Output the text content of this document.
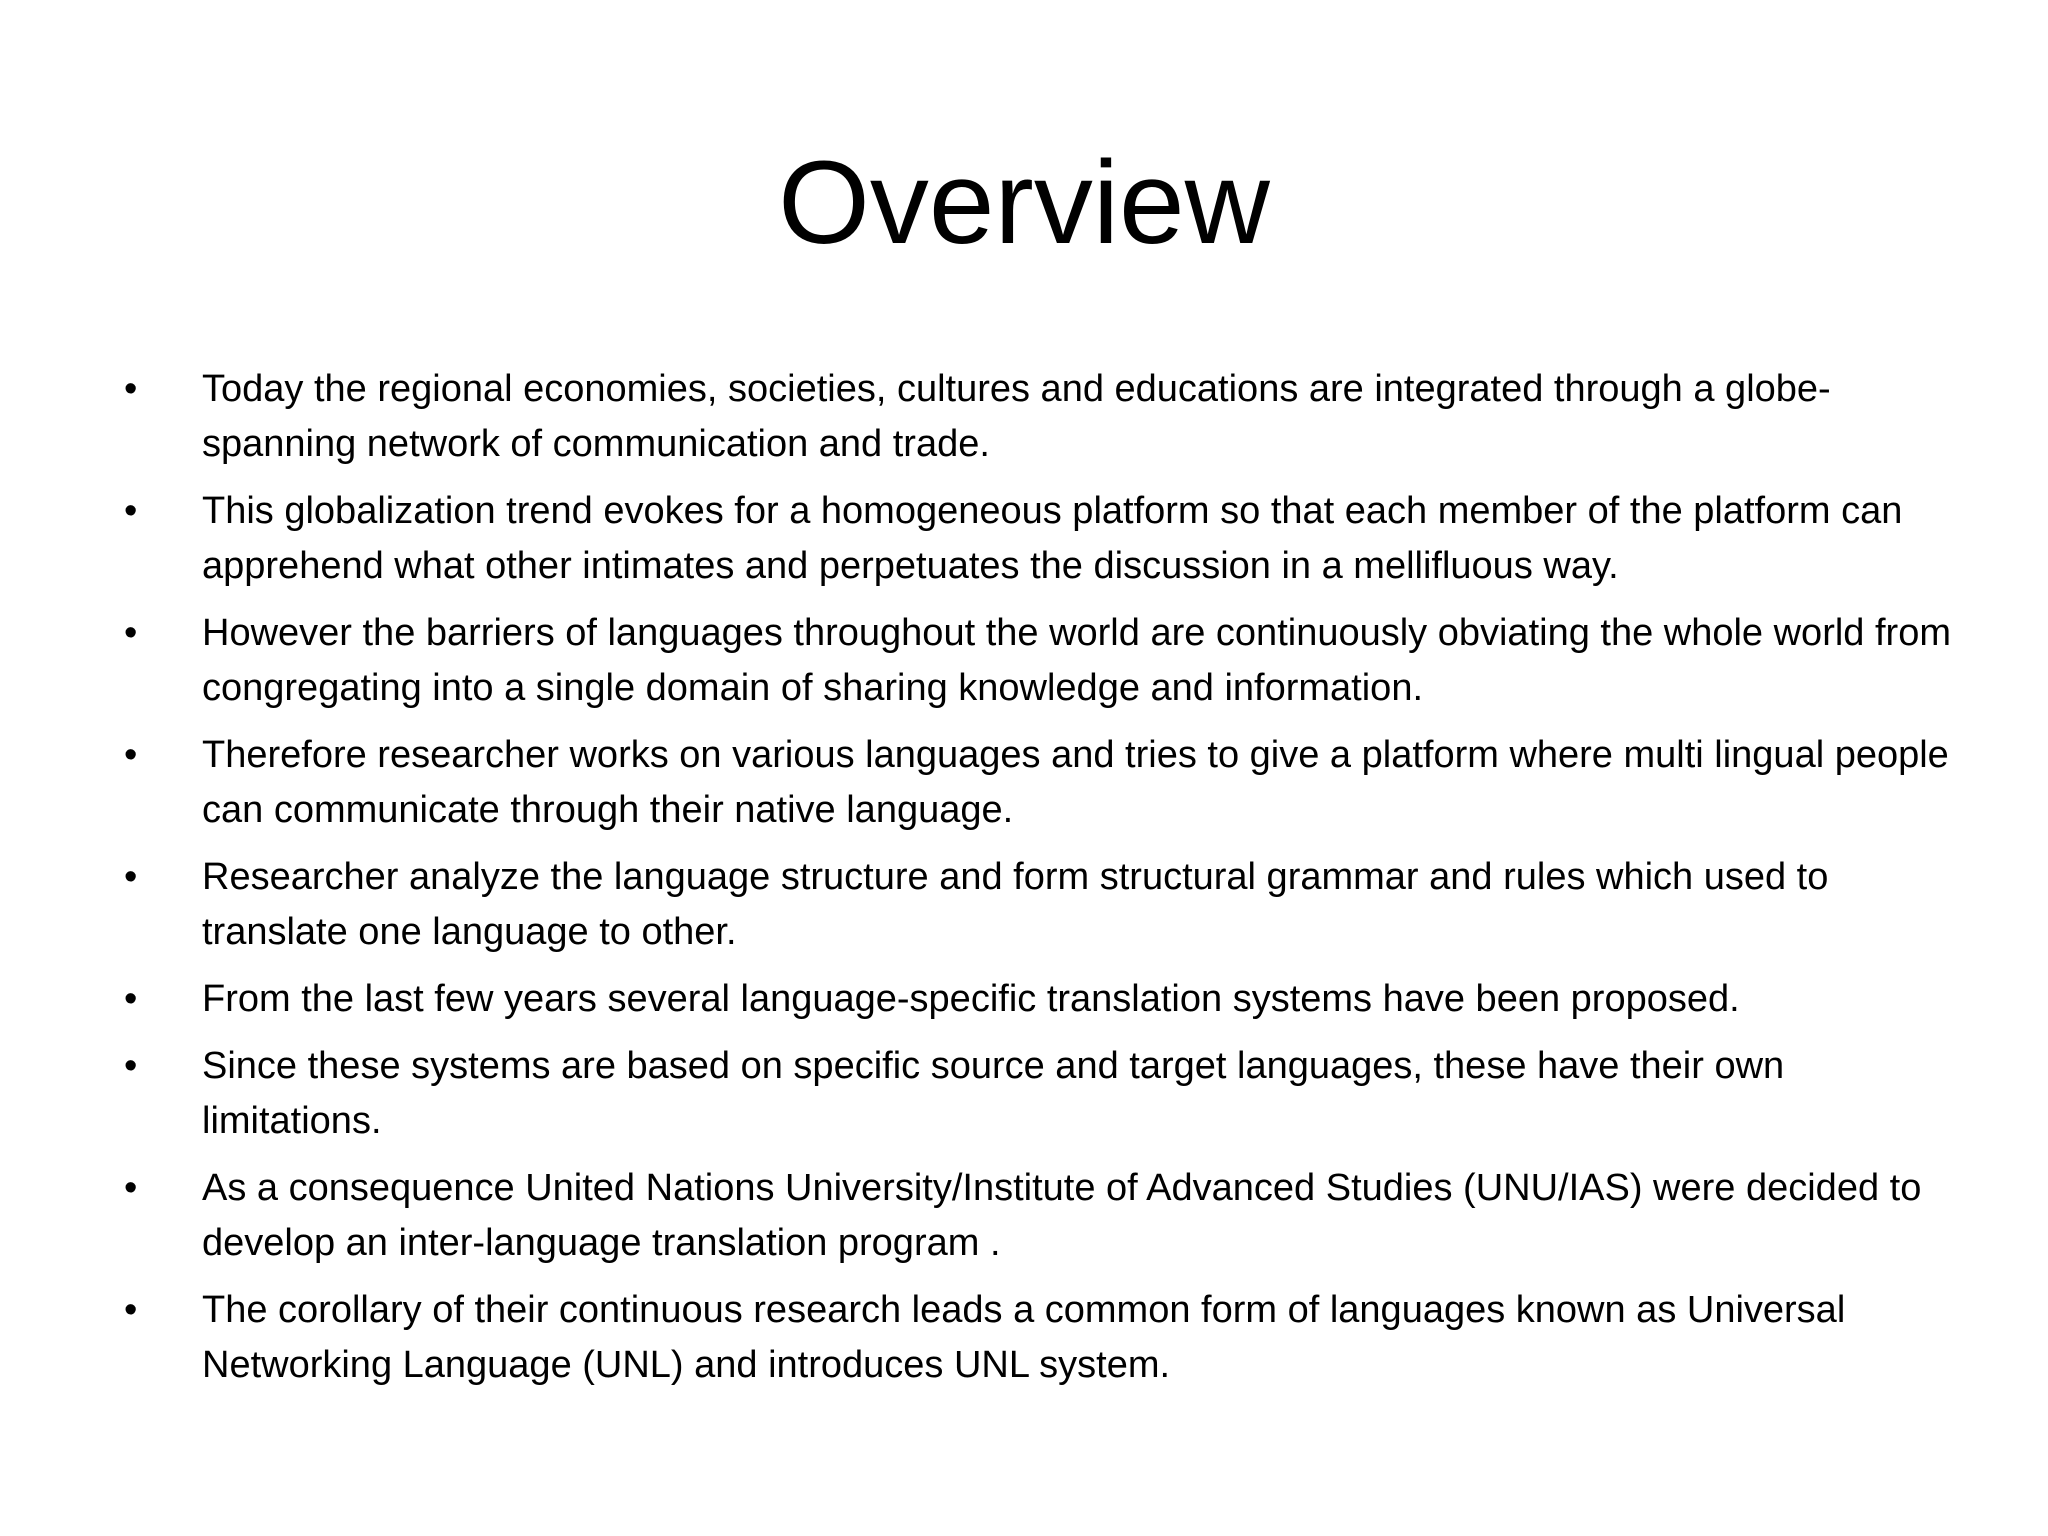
Overview
•	Today the regional economies, societies, cultures and educations are integrated through a globe-spanning network of communication and trade.
•	This globalization trend evokes for a homogeneous platform so that each member of the platform can apprehend what other intimates and perpetuates the discussion in a mellifluous way.
•	However the barriers of languages throughout the world are continuously obviating the whole world from congregating into a single domain of sharing knowledge and information.
•	Therefore researcher works on various languages and tries to give a platform where multi lingual people can communicate through their native language.
•	Researcher analyze the language structure and form structural grammar and rules which used to translate one language to other.
•	From the last few years several language-specific translation systems have been proposed.
•	Since these systems are based on specific source and target languages, these have their own limitations.
•	As a consequence United Nations University/Institute of Advanced Studies (UNU/IAS) were decided to develop an inter-language translation program .
•	The corollary of their continuous research leads a common form of languages known as Universal Networking Language (UNL) and introduces UNL system.
